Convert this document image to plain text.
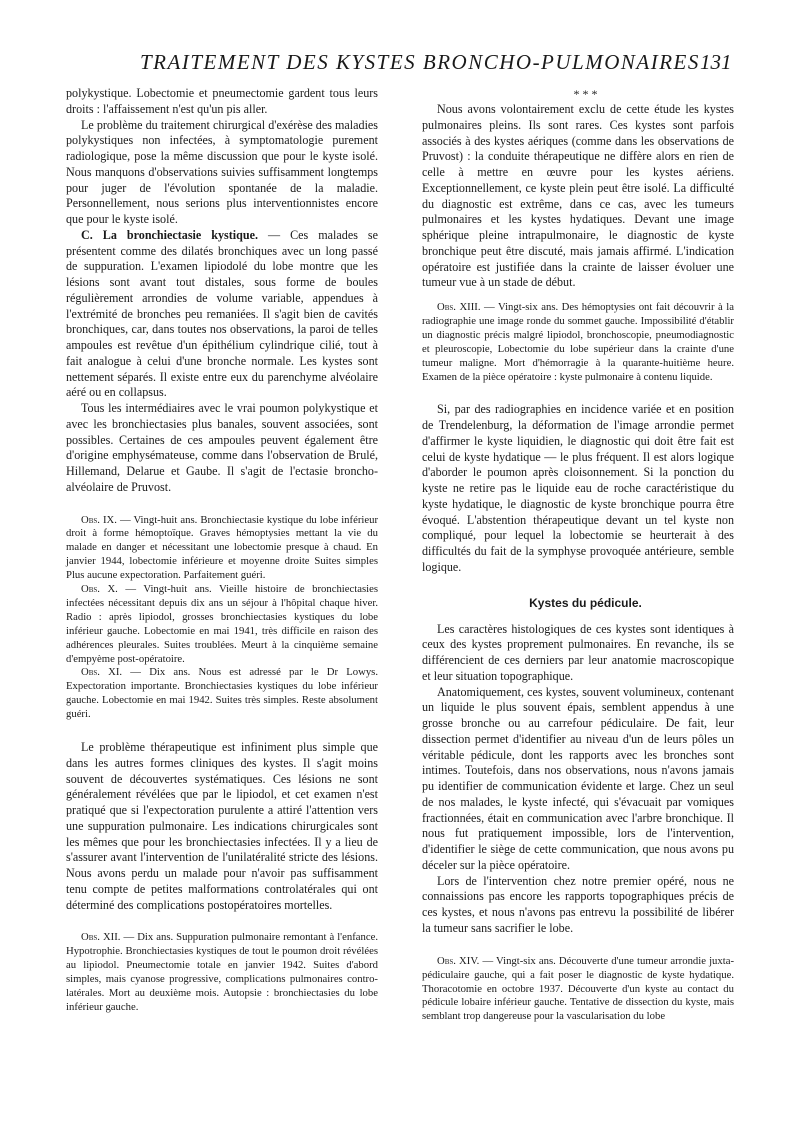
TRAITEMENT DES KYSTES BRONCHO-PULMONAIRES 131

polykystique. Lobectomie et pneumectomie gardent tous leurs droits : l'affaissement n'est qu'un pis aller.

Le problème du traitement chirurgical d'exérèse des maladies polykystiques non infectées, à symptomatologie purement radiologique, pose la même discussion que pour le kyste isolé. Nous manquons d'observations suivies suffisamment longtemps pour juger de l'évolution spontanée de la maladie. Personnellement, nous serions plus interventionnistes encore que pour le kyste isolé.

C. La bronchiectasie kystique. — Ces malades se présentent comme des dilatés bronchiques avec un long passé de suppuration. L'examen lipiodolé du lobe montre que les lésions sont avant tout distales, sous forme de boules régulièrement arrondies de volume variable, appendues à l'extrémité de bronches peu remaniées. Il s'agit bien de cavités bronchiques, car, dans toutes nos observations, la paroi de telles ampoules est revêtue d'un épithélium cylindrique cilié, tout à fait analogue à celui d'une bronche normale. Les kystes sont nettement séparés. Il existe entre eux du parenchyme alvéolaire aéré ou en collapsus.

Tous les intermédiaires avec le vrai poumon polykystique et avec les bronchiectasies plus banales, souvent associées, sont possibles. Certaines de ces ampoules peuvent également être d'origine emphysémateuse, comme dans l'observation de Brulé, Hillemand, Delarue et Gaube. Il s'agit de l'ectasie broncho-alvéolaire de Pruvost.

Obs. IX. — Vingt-huit ans. Bronchiectasie kystique du lobe inférieur droit à forme hémoptoïque. Graves hémoptysies mettant la vie du malade en danger et nécessitant une lobectomie presque à chaud. En janvier 1944, lobectomie inférieure et moyenne droite Suites simples Plus aucune expectoration. Parfaitement guéri.

Obs. X. — Vingt-huit ans. Vieille histoire de bronchiectasies infectées nécessitant depuis dix ans un séjour à l'hôpital chaque hiver. Radio : après lipiodol, grosses bronchiectasies kystiques du lobe inférieur gauche. Lobectomie en mai 1941, très difficile en raison des adhérences pleurales. Suites troublées. Meurt à la cinquième semaine d'empyème post-opératoire.

Obs. XI. — Dix ans. Nous est adressé par le Dr Lowys. Expectoration importante. Bronchiectasies kystiques du lobe inférieur gauche. Lobectomie en mai 1942. Suites très simples. Reste absolument guéri.

Le problème thérapeutique est infiniment plus simple que dans les autres formes cliniques des kystes. Il s'agit moins souvent de découvertes systématiques. Ces lésions ne sont généralement révélées que par le lipiodol, et cet examen n'est pratiqué que si l'expectoration purulente a attiré l'attention vers une suppuration pulmonaire. Les indications chirurgicales sont les mêmes que pour les bronchiectasies infectées. Il y a lieu de s'assurer avant l'intervention de l'unilatéralité stricte des lésions. Nous avons perdu un malade pour n'avoir pas suffisamment tenu compte de petites malformations controlatérales qui ont déterminé des complications postopératoires mortelles.

Obs. XII. — Dix ans. Suppuration pulmonaire remontant à l'enfance. Hypotrophie. Bronchiectasies kystiques de tout le poumon droit révélées au lipiodol. Pneumectomie totale en janvier 1942. Suites d'abord simples, mais cyanose progressive, complications pulmonaires contro-latérales. Mort au deuxième mois. Autopsie : bronchiectasies du lobe inférieur gauche.

* * *

Nous avons volontairement exclu de cette étude les kystes pulmonaires pleins. Ils sont rares. Ces kystes sont parfois associés à des kystes aériques (comme dans les observations de Pruvost) : la conduite thérapeutique ne diffère alors en rien de celle à mettre en œuvre pour les kystes aériens. Exceptionnellement, ce kyste plein peut être isolé. La difficulté du diagnostic est extrême, dans ce cas, avec les tumeurs pulmonaires et les kystes hydatiques. Devant une image sphérique pleine intrapulmonaire, le diagnostic de kyste bronchique peut être discuté, mais jamais affirmé. L'indication opératoire est justifiée dans la crainte de laisser évoluer une tumeur vue à un stade de début.

Obs. XIII. — Vingt-six ans. Des hémoptysies ont fait découvrir à la radiographie une image ronde du sommet gauche. Impossibilité d'établir un diagnostic précis malgré lipiodol, bronchoscopie, pneumodiagnostic et pleuroscopie, Lobectomie du lobe supérieur dans la crainte d'une tumeur maligne. Mort d'hémorragie à la quarante-huitième heure. Examen de la pièce opératoire : kyste pulmonaire à contenu liquide.

Si, par des radiographies en incidence variée et en position de Trendelenburg, la déformation de l'image arrondie permet d'affirmer le kyste liquidien, le diagnostic qui doit être fait est celui de kyste hydatique — le plus fréquent. Il est alors logique d'aborder le poumon après cloisonnement. Si la ponction du kyste ne retire pas le liquide eau de roche caractéristique du kyste hydatique, le diagnostic de kyste bronchique pourra être évoqué. L'abstention thérapeutique devant un tel kyste non compliqué, pour lequel la lobectomie se heurterait à des difficultés du fait de la symphyse provoquée antérieure, semble logique.

Kystes du pédicule.

Les caractères histologiques de ces kystes sont identiques à ceux des kystes proprement pulmonaires. En revanche, ils se différencient de ces derniers par leur anatomie macroscopique et leur situation topographique.

Anatomiquement, ces kystes, souvent volumineux, contenant un liquide le plus souvent épais, semblent appendus à une grosse bronche ou au carrefour pédiculaire. De fait, leur dissection permet d'identifier au niveau d'un de leurs pôles un véritable pédicule, dont les rapports avec les bronches sont intimes. Toutefois, dans nos observations, nous n'avons jamais pu identifier de communication évidente et large. Chez un seul de nos malades, le kyste infecté, qui s'évacuait par vomiques fractionnées, était en communication avec l'arbre bronchique. Il nous fut pratiquement impossible, lors de l'intervention, d'identifier le siège de cette communication, que nous avons pu déceler sur la pièce opératoire.

Lors de l'intervention chez notre premier opéré, nous ne connaissions pas encore les rapports topographiques précis de ces kystes, et nous n'avons pas entrevu la possibilité de libérer la tumeur sans sacrifier le lobe.

Obs. XIV. — Vingt-six ans. Découverte d'une tumeur arrondie juxta-pédiculaire gauche, qui a fait poser le diagnostic de kyste hydatique. Thoracotomie en octobre 1937. Découverte d'un kyste au contact du pédicule lobaire inférieur gauche. Tentative de dissection du kyste, mais semblant trop dangereuse pour la vascularisation du lobe
